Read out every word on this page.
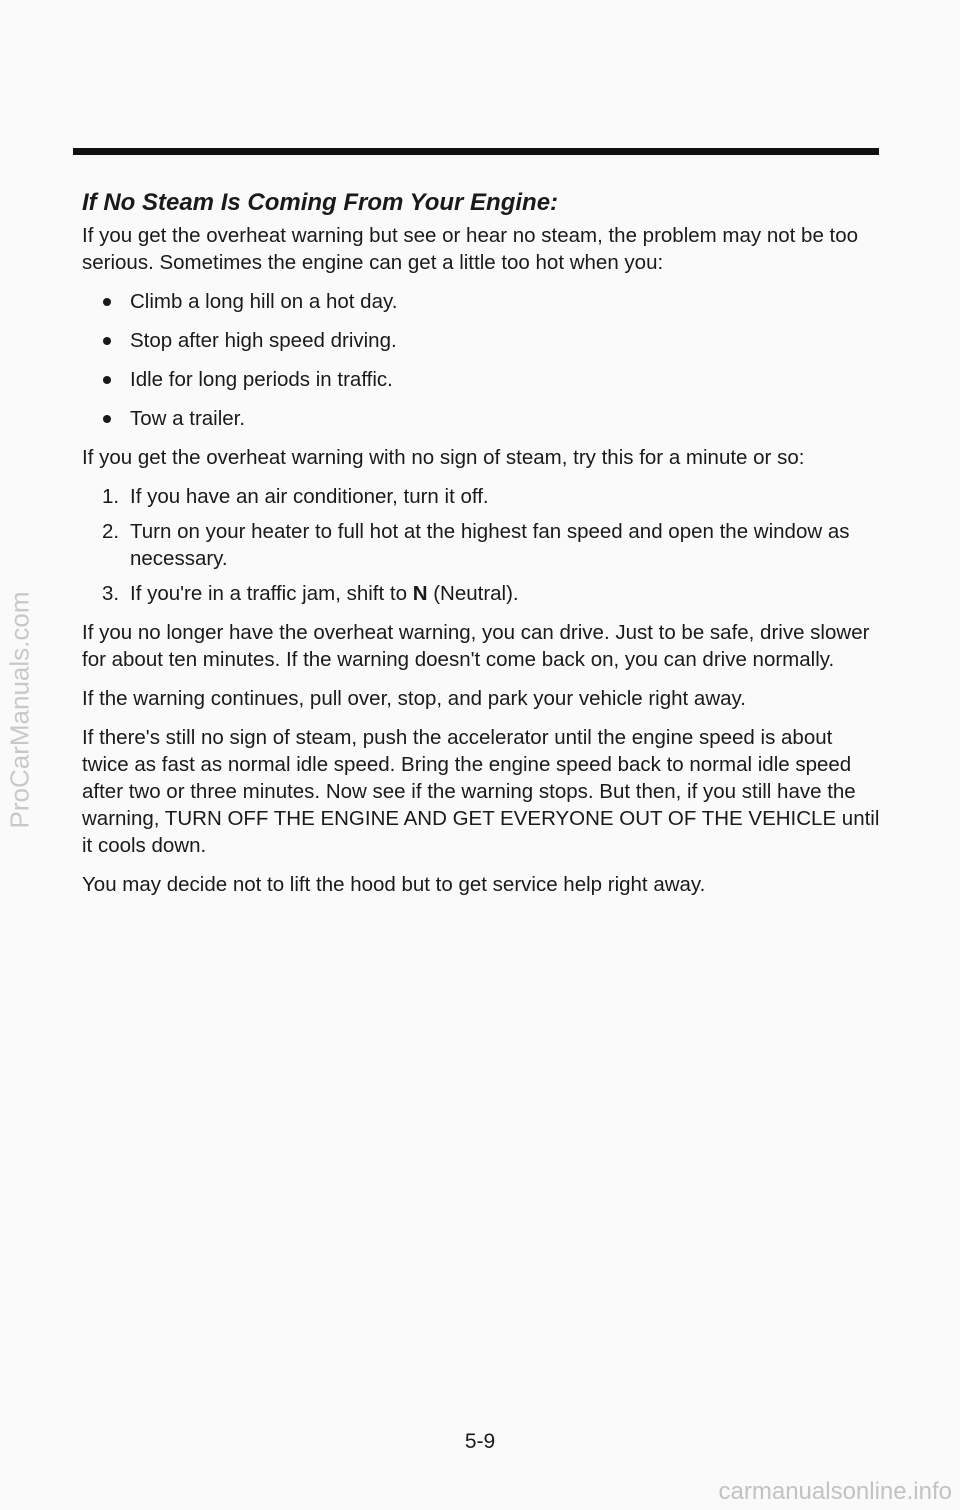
If No Steam Is Coming From Your Engine:

If you get the overheat warning but see or hear no steam, the problem may not be too serious. Sometimes the engine can get a little too hot when you:

Climb a long hill on a hot day.
Stop after high speed driving.
Idle for long periods in traffic.
Tow a trailer.

If you get the overheat warning with no sign of steam, try this for a minute or so:

1. If you have an air conditioner, turn it off.
2. Turn on your heater to full hot at the highest fan speed and open the window as necessary.
3. If you're in a traffic jam, shift to N (Neutral).

If you no longer have the overheat warning, you can drive. Just to be safe, drive slower for about ten minutes. If the warning doesn't come back on, you can drive normally.

If the warning continues, pull over, stop, and park your vehicle right away.

If there's still no sign of steam, push the accelerator until the engine speed is about twice as fast as normal idle speed. Bring the engine speed back to normal idle speed after two or three minutes. Now see if the warning stops. But then, if you still have the warning, TURN OFF THE ENGINE AND GET EVERYONE OUT OF THE VEHICLE until it cools down.

You may decide not to lift the hood but to get service help right away.

5-9
ProCarManuals.com
carmanualsonline.info
